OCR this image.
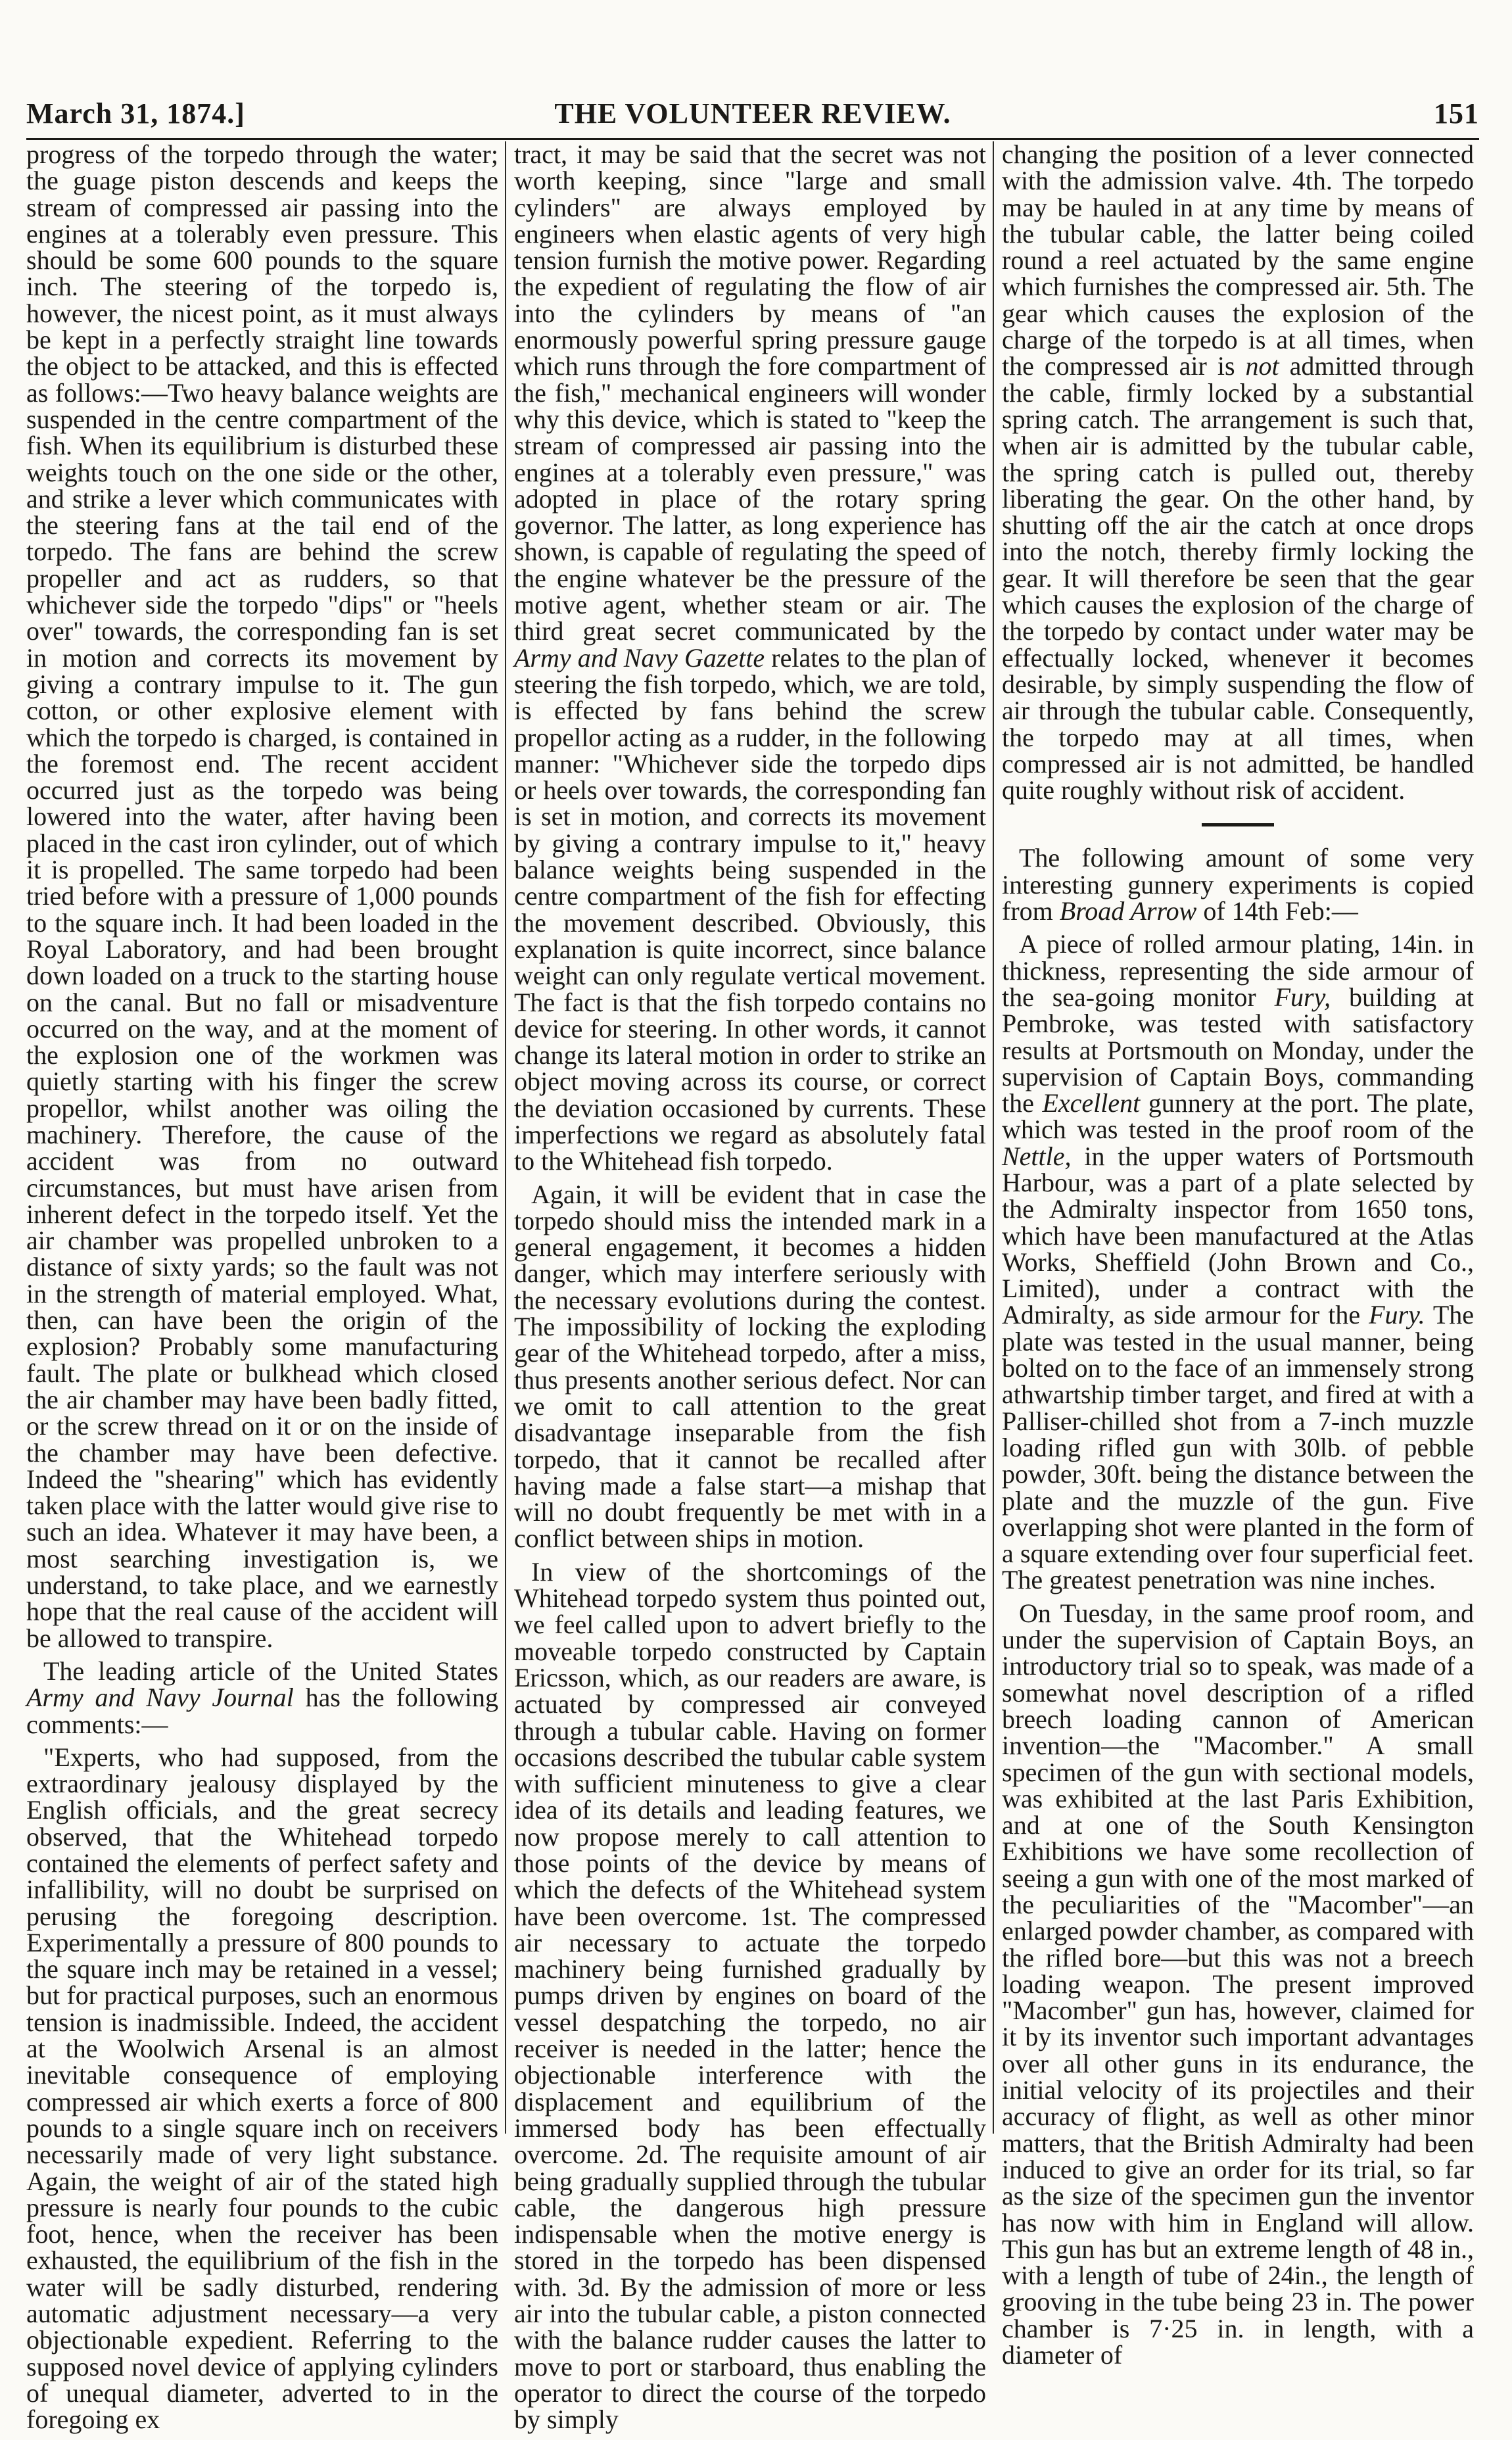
March 31, 1874.]	THE VOLUNTEER REVIEW.	151

progress of the torpedo through the water; the guage piston descends and keeps the stream of compressed air passing into the engines at a tolerably even pressure. This should be some 600 pounds to the square inch. The steering of the torpedo is, however, the nicest point, as it must always be kept in a perfectly straight line towards the object to be attacked, and this is effected as follows:—Two heavy balance weights are suspended in the centre compartment of the fish. When its equilibrium is disturbed these weights touch on the one side or the other, and strike a lever which communicates with the steering fans at the tail end of the torpedo. The fans are behind the screw propeller and act as rudders, so that whichever side the torpedo "dips" or "heels over" towards, the corresponding fan is set in motion and corrects its movement by giving a contrary impulse to it. The gun cotton, or other explosive element with which the torpedo is charged, is contained in the foremost end. The recent accident occurred just as the torpedo was being lowered into the water, after having been placed in the cast iron cylinder, out of which it is propelled. The same torpedo had been tried before with a pressure of 1,000 pounds to the square inch. It had been loaded in the Royal Laboratory, and had been brought down loaded on a truck to the starting house on the canal. But no fall or misadventure occurred on the way, and at the moment of the explosion one of the workmen was quietly starting with his finger the screw propellor, whilst another was oiling the machinery. Therefore, the cause of the accident was from no outward circumstances, but must have arisen from inherent defect in the torpedo itself. Yet the air chamber was propelled unbroken to a distance of sixty yards; so the fault was not in the strength of material employed. What, then, can have been the origin of the explosion? Probably some manufacturing fault. The plate or bulkhead which closed the air chamber may have been badly fitted, or the screw thread on it or on the inside of the chamber may have been defective. Indeed the "shearing" which has evidently taken place with the latter would give rise to such an idea. Whatever it may have been, a most searching investigation is, we understand, to take place, and we earnestly hope that the real cause of the accident will be allowed to transpire.

The leading article of the United States Army and Navy Journal has the following comments:—

"Experts, who had supposed, from the extraordinary jealousy displayed by the English officials, and the great secrecy observed, that the Whitehead torpedo contained the elements of perfect safety and infallibility, will no doubt be surprised on perusing the foregoing description. Experimentally a pressure of 800 pounds to the square inch may be retained in a vessel; but for practical purposes, such an enormous tension is inadmissible. Indeed, the accident at the Woolwich Arsenal is an almost inevitable consequence of employing compressed air which exerts a force of 800 pounds to a single square inch on receivers necessarily made of very light substance. Again, the weight of air of the stated high pressure is nearly four pounds to the cubic foot, hence, when the receiver has been exhausted, the equilibrium of the fish in the water will be sadly disturbed, rendering automatic adjustment necessary—a very objectionable expedient. Referring to the supposed novel device of applying cylinders of unequal diameter, adverted to in the foregoing ex

tract, it may be said that the secret was not worth keeping, since "large and small cylinders" are always employed by engineers when elastic agents of very high tension furnish the motive power. Regarding the expedient of regulating the flow of air into the cylinders by means of "an enormously powerful spring pressure gauge which runs through the fore compartment of the fish," mechanical engineers will wonder why this device, which is stated to "keep the stream of compressed air passing into the engines at a tolerably even pressure," was adopted in place of the rotary spring governor. The latter, as long experience has shown, is capable of regulating the speed of the engine whatever be the pressure of the motive agent, whether steam or air. The third great secret communicated by the Army and Navy Gazette relates to the plan of steering the fish torpedo, which, we are told, is effected by fans behind the screw propellor acting as a rudder, in the following manner: "Whichever side the torpedo dips or heels over towards, the corresponding fan is set in motion, and corrects its movement by giving a contrary impulse to it," heavy balance weights being suspended in the centre compartment of the fish for effecting the movement described. Obviously, this explanation is quite incorrect, since balance weight can only regulate vertical movement. The fact is that the fish torpedo contains no device for steering. In other words, it cannot change its lateral motion in order to strike an object moving across its course, or correct the deviation occasioned by currents. These imperfections we regard as absolutely fatal to the Whitehead fish torpedo.

Again, it will be evident that in case the torpedo should miss the intended mark in a general engagement, it becomes a hidden danger, which may interfere seriously with the necessary evolutions during the contest. The impossibility of locking the exploding gear of the Whitehead torpedo, after a miss, thus presents another serious defect. Nor can we omit to call attention to the great disadvantage inseparable from the fish torpedo, that it cannot be recalled after having made a false start—a mishap that will no doubt frequently be met with in a conflict between ships in motion.

In view of the shortcomings of the Whitehead torpedo system thus pointed out, we feel called upon to advert briefly to the moveable torpedo constructed by Captain Ericsson, which, as our readers are aware, is actuated by compressed air conveyed through a tubular cable. Having on former occasions described the tubular cable system with sufficient minuteness to give a clear idea of its details and leading features, we now propose merely to call attention to those points of the device by means of which the defects of the Whitehead system have been overcome. 1st. The compressed air necessary to actuate the torpedo machinery being furnished gradually by pumps driven by engines on board of the vessel despatching the torpedo, no air receiver is needed in the latter; hence the objectionable interference with the displacement and equilibrium of the immersed body has been effectually overcome. 2d. The requisite amount of air being gradually supplied through the tubular cable, the dangerous high pressure indispensable when the motive energy is stored in the torpedo has been dispensed with. 3d. By the admission of more or less air into the tubular cable, a piston connected with the balance rudder causes the latter to move to port or starboard, thus enabling the operator to direct the course of the torpedo by simply

changing the position of a lever connected with the admission valve. 4th. The torpedo may be hauled in at any time by means of the tubular cable, the latter being coiled round a reel actuated by the same engine which furnishes the compressed air. 5th. The gear which causes the explosion of the charge of the torpedo is at all times, when the compressed air is not admitted through the cable, firmly locked by a substantial spring catch. The arrangement is such that, when air is admitted by the tubular cable, the spring catch is pulled out, thereby liberating the gear. On the other hand, by shutting off the air the catch at once drops into the notch, thereby firmly locking the gear. It will therefore be seen that the gear which causes the explosion of the charge of the torpedo by contact under water may be effectually locked, whenever it becomes desirable, by simply suspending the flow of air through the tubular cable. Consequently, the torpedo may at all times, when compressed air is not admitted, be handled quite roughly without risk of accident.

The following amount of some very interesting gunnery experiments is copied from Broad Arrow of 14th Feb:—

A piece of rolled armour plating, 14in. in thickness, representing the side armour of the sea-going monitor Fury, building at Pembroke, was tested with satisfactory results at Portsmouth on Monday, under the supervision of Captain Boys, commanding the Excellent gunnery at the port. The plate, which was tested in the proof room of the Nettle, in the upper waters of Portsmouth Harbour, was a part of a plate selected by the Admiralty inspector from 1650 tons, which have been manufactured at the Atlas Works, Sheffield (John Brown and Co., Limited), under a contract with the Admiralty, as side armour for the Fury. The plate was tested in the usual manner, being bolted on to the face of an immensely strong athwartship timber target, and fired at with a Palliser-chilled shot from a 7-inch muzzle loading rifled gun with 30lb. of pebble powder, 30ft. being the distance between the plate and the muzzle of the gun. Five overlapping shot were planted in the form of a square extending over four superficial feet. The greatest penetration was nine inches.

On Tuesday, in the same proof room, and under the supervision of Captain Boys, an introductory trial so to speak, was made of a somewhat novel description of a rifled breech loading cannon of American invention—the "Macomber." A small specimen of the gun with sectional models, was exhibited at the last Paris Exhibition, and at one of the South Kensington Exhibitions we have some recollection of seeing a gun with one of the most marked of the peculiarities of the "Macomber"—an enlarged powder chamber, as compared with the rifled bore—but this was not a breech loading weapon. The present improved "Macomber" gun has, however, claimed for it by its inventor such important advantages over all other guns in its endurance, the initial velocity of its projectiles and their accuracy of flight, as well as other minor matters, that the British Admiralty had been induced to give an order for its trial, so far as the size of the specimen gun the inventor has now with him in England will allow. This gun has but an extreme length of 48 in., with a length of tube of 24in., the length of grooving in the tube being 23 in. The power chamber is 7·25 in. in length, with a diameter of
